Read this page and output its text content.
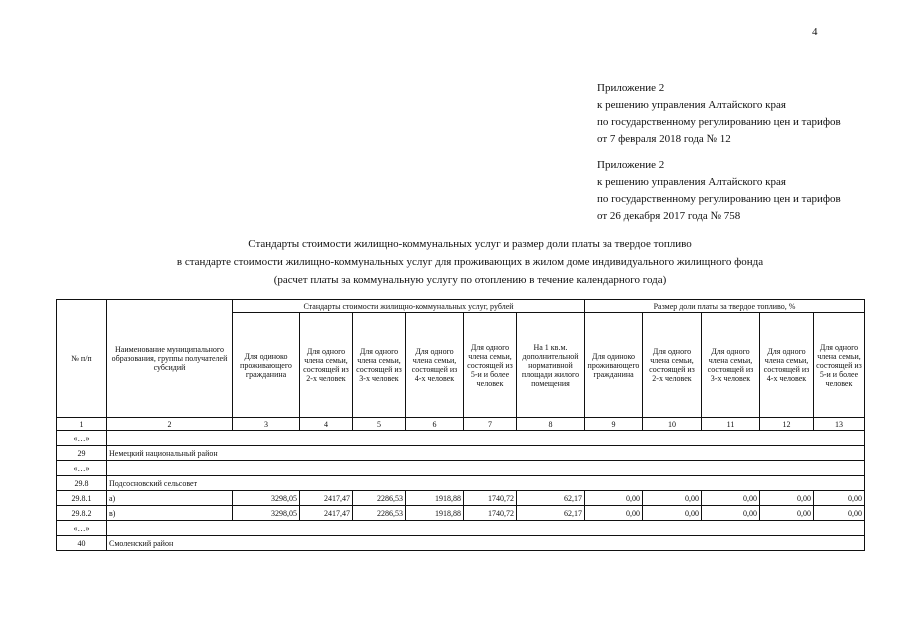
4
Приложение 2
к решению управления Алтайского края
по государственному регулированию цен и тарифов
от 7 февраля 2018 года № 12
Приложение 2
к решению управления Алтайского края
по государственному регулированию цен и тарифов
от 26 декабря 2017 года № 758
Стандарты стоимости жилищно-коммунальных услуг и размер доли платы за твердое топливо
в стандарте стоимости жилищно-коммунальных услуг для проживающих в жилом доме индивидуального жилищного фонда
(расчет платы за коммунальную услугу по отоплению в течение календарного года)
№ п/п	Наименование муниципального образования, группы получателей субсидий	Стандарты стоимости жилищно-коммунальных услуг, рублей						Размер доли платы за твердое топливо, %				
		Для одиноко проживающего гражданина	Для одного члена семьи, состоящей из 2-х человек	Для одного члена семьи, состоящей из 3-х человек	Для одного члена семьи, состоящей из 4-х человек	Для одного члена семьи, состоящей из 5-и и более человек	На 1 кв.м. дополнительной нормативной площади жилого помещения	Для одиноко проживающего гражданина	Для одного члена семьи, состоящей из 2-х человек	Для одного члена семьи, состоящей из 3-х человек	Для одного члена семьи, состоящей из 4-х человек	Для одного члена семьи, состоящей из 5-и и более человек
1	2	3	4	5	6	7	8	9	10	11	12	13
«…»												
29	Немецкий национальный район											
«…»												
29.8	Подсосновский сельсовет											
29.8.1	а)	3298,05	2417,47	2286,53	1918,88	1740,72	62,17	0,00	0,00	0,00	0,00	0,00
29.8.2	в)	3298,05	2417,47	2286,53	1918,88	1740,72	62,17	0,00	0,00	0,00	0,00	0,00
«…»												
40	Смоленский район											
